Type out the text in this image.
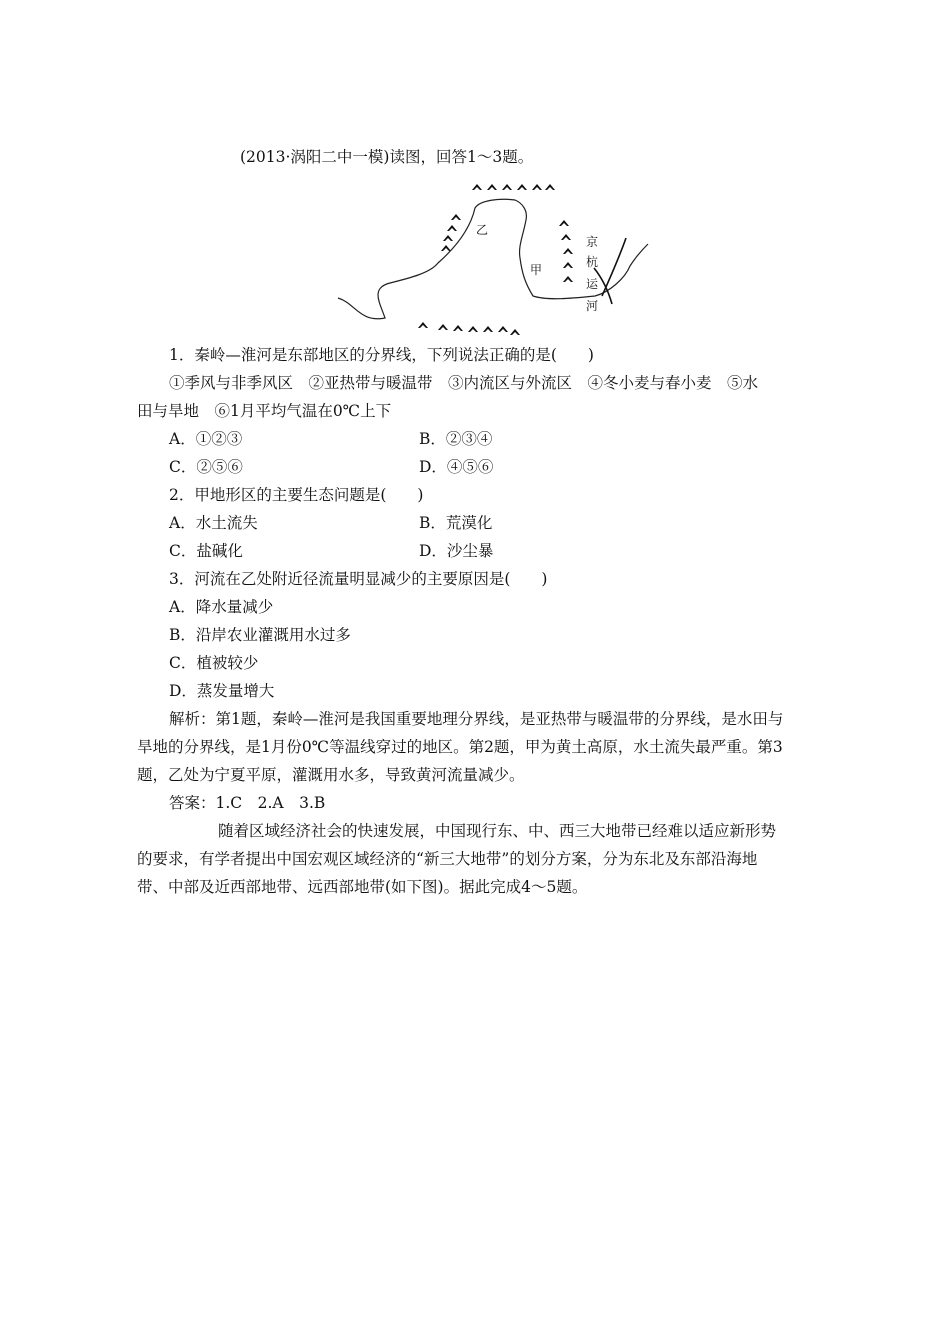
(2013·涡阳二中一模)读图，回答1～3题。
乙
甲
京
杭
运
河
1．秦岭—淮河是东部地区的分界线，下列说法正确的是(　　)
①季风与非季风区　②亚热带与暖温带　③内流区与外流区　④冬小麦与春小麦　⑤水
田与旱地　⑥1月平均气温在0℃上下
A．①②③	B．②③④
C．②⑤⑥	D．④⑤⑥
2．甲地形区的主要生态问题是(　　)
A．水土流失	B．荒漠化
C．盐碱化	D．沙尘暴
3．河流在乙处附近径流量明显减少的主要原因是(　　)
A．降水量减少
B．沿岸农业灌溉用水过多
C．植被较少
D．蒸发量增大
解析：第1题，秦岭—淮河是我国重要地理分界线，是亚热带与暖温带的分界线，是水田与
旱地的分界线，是1月份0℃等温线穿过的地区。第2题，甲为黄土高原，水土流失最严重。第3
题，乙处为宁夏平原，灌溉用水多，导致黄河流量减少。
答案：1.C　2.A　3.B
随着区域经济社会的快速发展，中国现行东、中、西三大地带已经难以适应新形势
的要求，有学者提出中国宏观区域经济的“新三大地带”的划分方案，分为东北及东部沿海地
带、中部及近西部地带、远西部地带(如下图)。据此完成4～5题。
